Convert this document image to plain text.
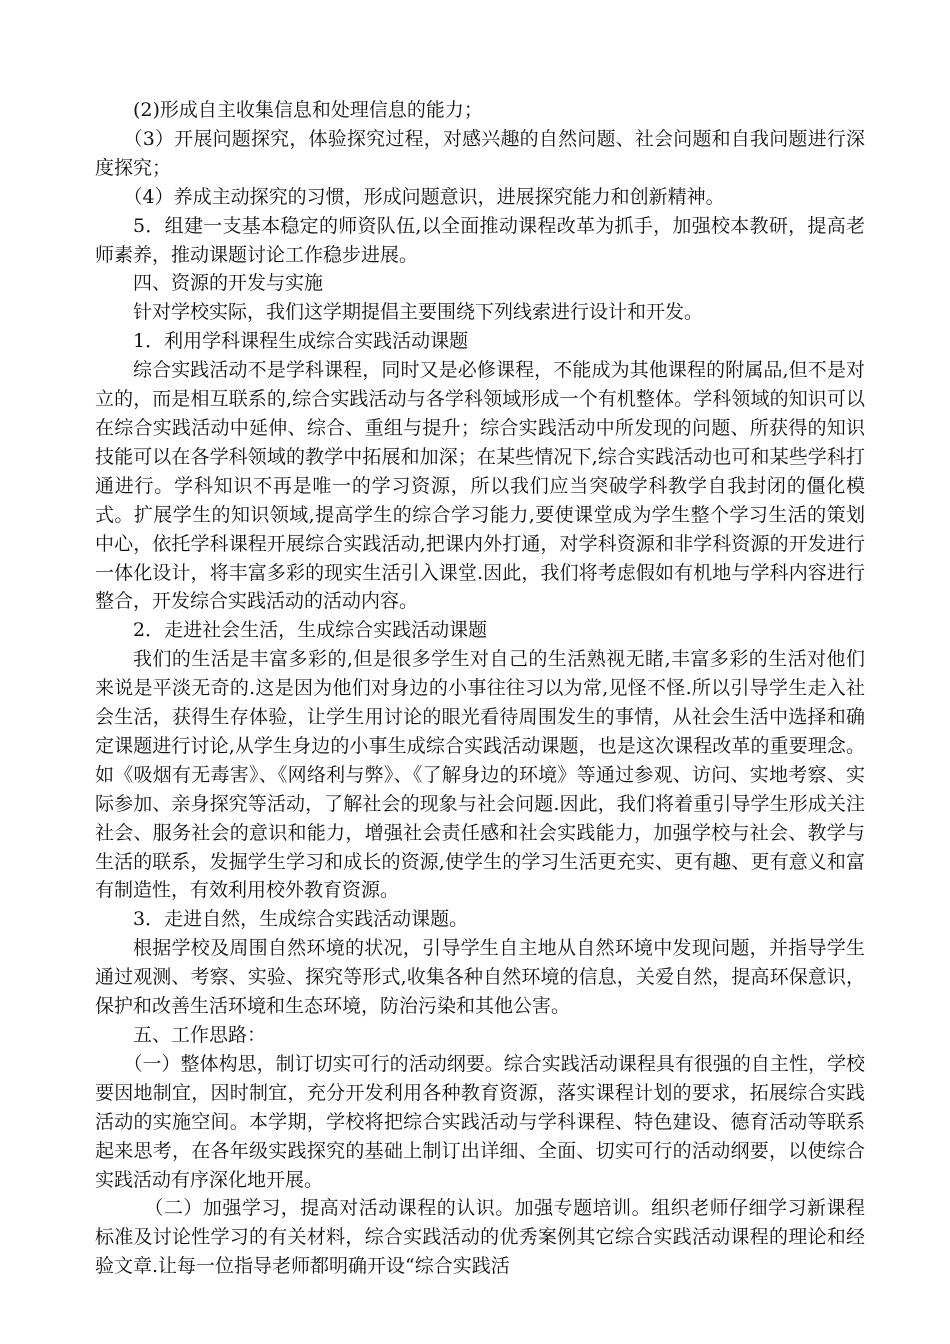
(2)形成自主收集信息和处理信息的能力；

（3）开展问题探究，体验探究过程，对感兴趣的自然问题、社会问题和自我问题进行深度探究；

（4）养成主动探究的习惯，形成问题意识，进展探究能力和创新精神。

5．组建一支基本稳定的师资队伍,以全面推动课程改革为抓手，加强校本教研，提高老师素养，推动课题讨论工作稳步进展。

四、资源的开发与实施

针对学校实际，我们这学期提倡主要围绕下列线索进行设计和开发。

1．利用学科课程生成综合实践活动课题

综合实践活动不是学科课程，同时又是必修课程，不能成为其他课程的附属品,但不是对立的，而是相互联系的,综合实践活动与各学科领域形成一个有机整体。学科领域的知识可以在综合实践活动中延伸、综合、重组与提升；综合实践活动中所发现的问题、所获得的知识技能可以在各学科领域的教学中拓展和加深；在某些情况下,综合实践活动也可和某些学科打通进行。学科知识不再是唯一的学习资源，所以我们应当突破学科教学自我封闭的僵化模式。扩展学生的知识领域,提高学生的综合学习能力,要使课堂成为学生整个学习生活的策划中心，依托学科课程开展综合实践活动,把课内外打通，对学科资源和非学科资源的开发进行一体化设计，将丰富多彩的现实生活引入课堂.因此，我们将考虑假如有机地与学科内容进行整合，开发综合实践活动的活动内容。

2．走进社会生活，生成综合实践活动课题

我们的生活是丰富多彩的,但是很多学生对自己的生活熟视无睹,丰富多彩的生活对他们来说是平淡无奇的.这是因为他们对身边的小事往往习以为常,见怪不怪.所以引导学生走入社会生活，获得生存体验，让学生用讨论的眼光看待周围发生的事情，从社会生活中选择和确定课题进行讨论,从学生身边的小事生成综合实践活动课题，也是这次课程改革的重要理念。如《吸烟有无毒害》、《网络利与弊》、《了解身边的环境》等通过参观、访问、实地考察、实际参加、亲身探究等活动，了解社会的现象与社会问题.因此，我们将着重引导学生形成关注社会、服务社会的意识和能力，增强社会责任感和社会实践能力，加强学校与社会、教学与生活的联系，发掘学生学习和成长的资源,使学生的学习生活更充实、更有趣、更有意义和富有制造性，有效利用校外教育资源。

3．走进自然，生成综合实践活动课题。

根据学校及周围自然环境的状况，引导学生自主地从自然环境中发现问题，并指导学生通过观测、考察、实验、探究等形式,收集各种自然环境的信息，关爱自然，提高环保意识，保护和改善生活环境和生态环境，防治污染和其他公害。

五、工作思路：

（一）整体构思，制订切实可行的活动纲要。综合实践活动课程具有很强的自主性，学校要因地制宜，因时制宜，充分开发利用各种教育资源，落实课程计划的要求，拓展综合实践活动的实施空间。本学期，学校将把综合实践活动与学科课程、特色建设、德育活动等联系起来思考，在各年级实践探究的基础上制订出详细、全面、切实可行的活动纲要，以使综合实践活动有序深化地开展。

（二）加强学习，提高对活动课程的认识。加强专题培训。组织老师仔细学习新课程标准及讨论性学习的有关材料，综合实践活动的优秀案例其它综合实践活动课程的理论和经验文章.让每一位指导老师都明确开设“综合实践活
